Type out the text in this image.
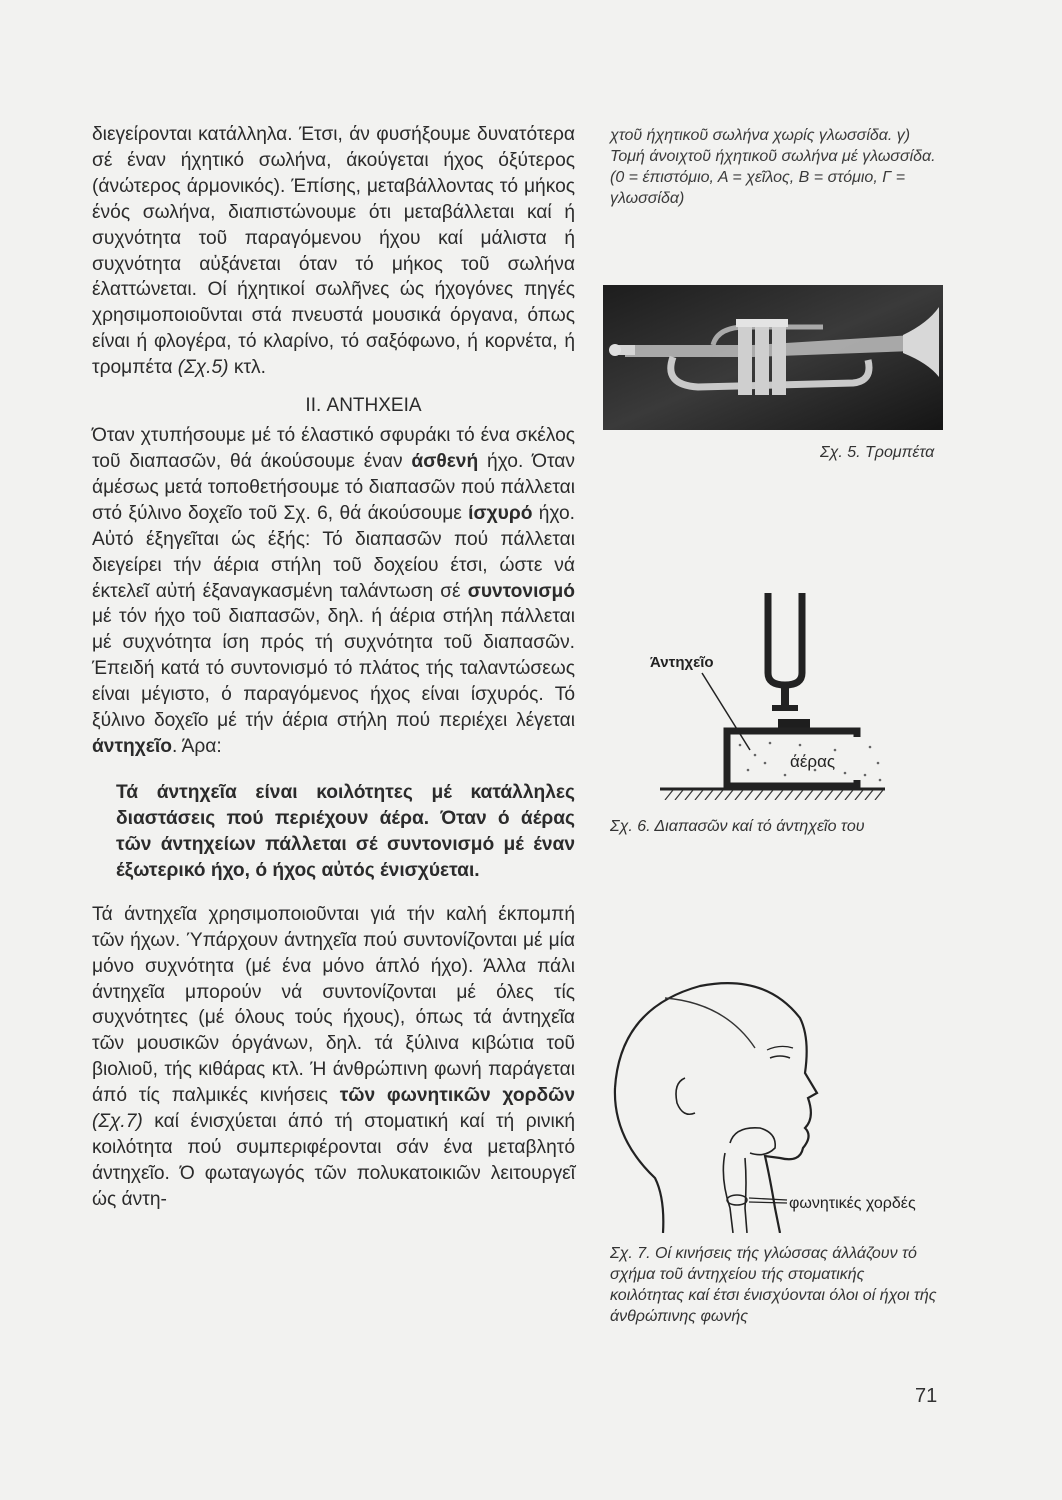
διεγείρονται κατάλληλα. Έτσι, άν φυσήξουμε δυνατότερα σέ έναν ήχητικό σωλήνα, άκούγεται ήχος όξύτερος (άνώτερος άρμονικός). Έπίσης, μεταβάλλοντας τό μήκος ένός σωλήνα, διαπιστώνουμε ότι μεταβάλλεται καί ή συχνότητα τοῦ παραγόμενου ήχου καί μάλιστα ή συχνότητα αὐξάνεται όταν τό μήκος τοῦ σωλήνα έλαττώνεται. Οί ήχητικοί σωλῆνες ώς ήχογόνες πηγές χρησιμοποιοῦνται στά πνευστά μουσικά όργανα, όπως είναι ή φλογέρα, τό κλαρίνο, τό σαξόφωνο, ή κορνέτα, ή τρομπέτα (Σχ.5) κτλ.

II. ΑΝΤΗΧΕΙΑ

Όταν χτυπήσουμε μέ τό έλαστικό σφυράκι τό ένα σκέλος τοῦ διαπασῶν, θά άκούσουμε έναν άσθενή ήχο. Όταν άμέσως μετά τοποθετήσουμε τό διαπασῶν πού πάλλεται στό ξύλινο δοχεῖο τοῦ Σχ. 6, θά άκούσουμε ίσχυρό ήχο. Αὐτό έξηγεῖται ώς έξής: Τό διαπασῶν πού πάλλεται διεγείρει τήν άέρια στήλη τοῦ δοχείου έτσι, ώστε νά έκτελεῖ αὐτή έξαναγκασμένη ταλάντωση σέ συντονισμό μέ τόν ήχο τοῦ διαπασῶν, δηλ. ή άέρια στήλη πάλλεται μέ συχνότητα ίση πρός τή συχνότητα τοῦ διαπασῶν. Έπειδή κατά τό συντονισμό τό πλάτος τής ταλαντώσεως είναι μέγιστο, ό παραγόμενος ήχος είναι ίσχυρός. Τό ξύλινο δοχεῖο μέ τήν άέρια στήλη πού περιέχει λέγεται άντηχεῖο. Άρα:

Τά άντηχεῖα είναι κοιλότητες μέ κατάλληλες διαστάσεις πού περιέχουν άέρα. Όταν ό άέρας τῶν άντηχείων πάλλεται σέ συντονισμό μέ έναν έξωτερικό ήχο, ό ήχος αὐτός ένισχύεται.

Τά άντηχεῖα χρησιμοποιοῦνται γιά τήν καλή έκπομπή τῶν ήχων. Ύπάρχουν άντηχεῖα πού συντονίζονται μέ μία μόνο συχνότητα (μέ ένα μόνο άπλό ήχο). Άλλα πάλι άντηχεῖα μπορούν νά συντονίζονται μέ όλες τίς συχνότητες (μέ όλους τούς ήχους), όπως τά άντηχεῖα τῶν μουσικῶν όργάνων, δηλ. τά ξύλινα κιβώτια τοῦ βιολιοῦ, τής κιθάρας κτλ. Ή άνθρώπινη φωνή παράγεται άπό τίς παλμικές κινήσεις τῶν φωνητικῶν χορδῶν (Σχ.7) καί ένισχύεται άπό τή στοματική καί τή ρινική κοιλότητα πού συμπεριφέρονται σάν ένα μεταβλητό άντηχεῖο. Ό φωταγωγός τῶν πολυκατοικιῶν λειτουργεῖ ώς άντη-

χτοῦ ήχητικοῦ σωλήνα χωρίς γλωσσίδα. γ) Τομή άνοιχτοῦ ήχητικοῦ σωλήνα μέ γλωσσίδα. (0 = έπιστόμιο, Α = χεῖλος, Β = στόμιο, Γ = γλωσσίδα)

Σχ. 5. Τρομπέτα

Άντηχεῖο
άέρας

Σχ. 6. Διαπασῶν καί τό άντηχεῖο τoυ

φωνητικές χορδές

Σχ. 7. Οί κινήσεις τής γλώσσας άλλάζουν τό σχήμα τοῦ άντηχείου τής στοματικής κοιλότητας καί έτσι ένισχύονται όλοι οί ήχοι τής άνθρώπινης φωνής

71
